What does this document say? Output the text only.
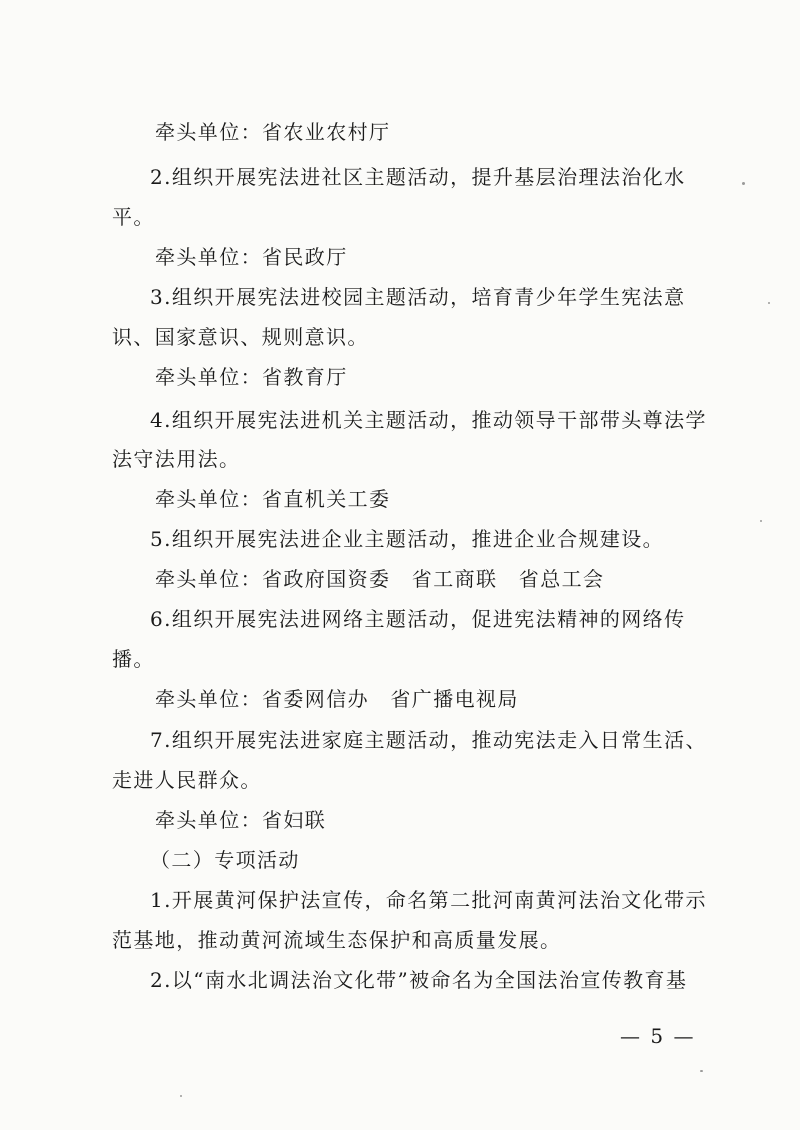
牵头单位：省农业农村厅
2.组织开展宪法进社区主题活动，提升基层治理法治化水
平。
牵头单位：省民政厅
3.组织开展宪法进校园主题活动，培育青少年学生宪法意
识、国家意识、规则意识。
牵头单位：省教育厅
4.组织开展宪法进机关主题活动，推动领导干部带头尊法学
法守法用法。
牵头单位：省直机关工委
5.组织开展宪法进企业主题活动，推进企业合规建设。
牵头单位：省政府国资委　省工商联　省总工会
6.组织开展宪法进网络主题活动，促进宪法精神的网络传
播。
牵头单位：省委网信办　省广播电视局
7.组织开展宪法进家庭主题活动，推动宪法走入日常生活、
走进人民群众。
牵头单位：省妇联
（二）专项活动
1.开展黄河保护法宣传，命名第二批河南黄河法治文化带示
范基地，推动黄河流域生态保护和高质量发展。
2.以“南水北调法治文化带”被命名为全国法治宣传教育基
— 5 —
